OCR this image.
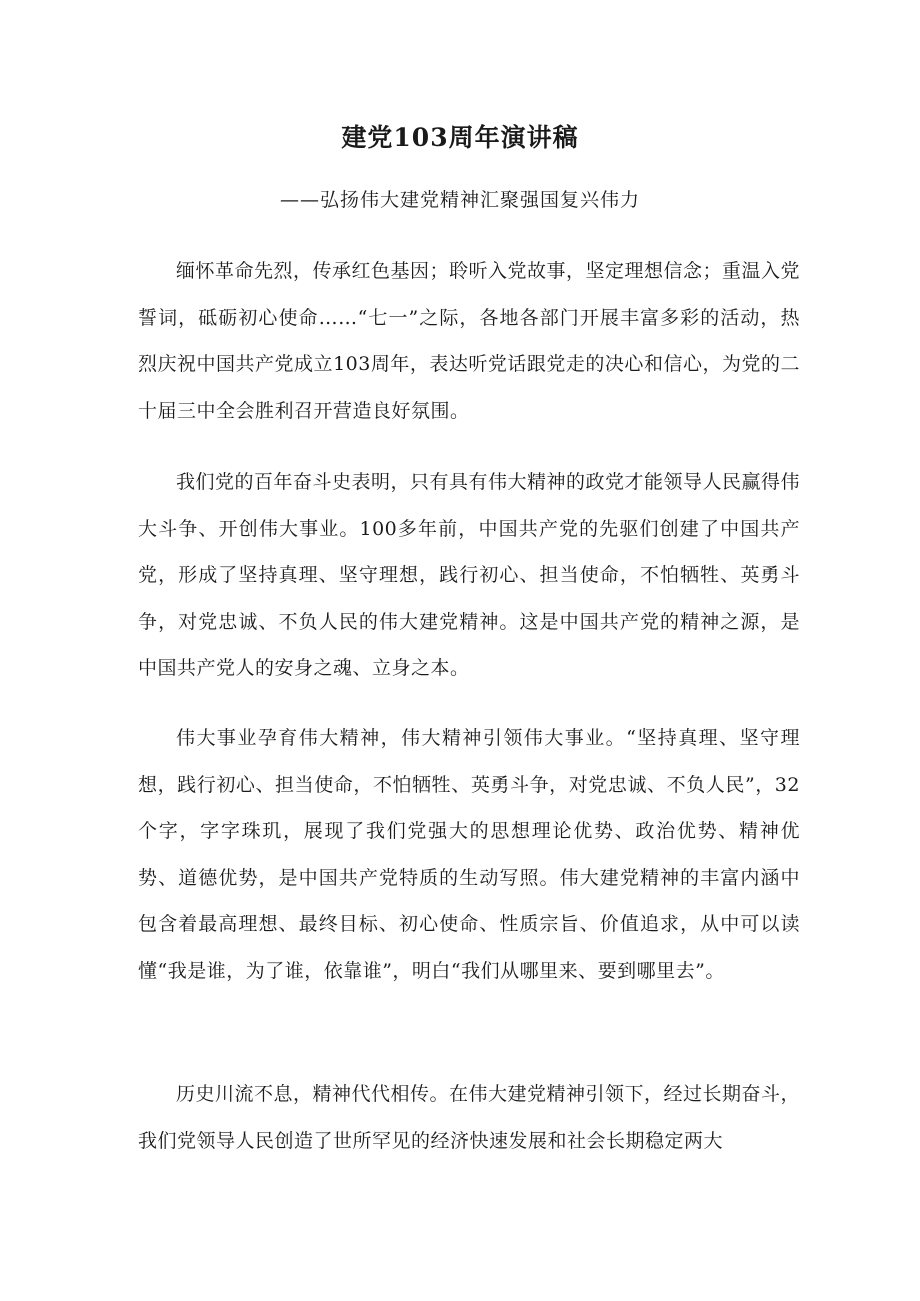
建党103周年演讲稿

——弘扬伟大建党精神汇聚强国复兴伟力

缅怀革命先烈，传承红色基因；聆听入党故事，坚定理想信念；重温入党誓词，砥砺初心使命……“七一”之际，各地各部门开展丰富多彩的活动，热烈庆祝中国共产党成立103周年，表达听党话跟党走的决心和信心，为党的二十届三中全会胜利召开营造良好氛围。

我们党的百年奋斗史表明，只有具有伟大精神的政党才能领导人民赢得伟大斗争、开创伟大事业。100多年前，中国共产党的先驱们创建了中国共产党，形成了坚持真理、坚守理想，践行初心、担当使命，不怕牺牲、英勇斗争，对党忠诚、不负人民的伟大建党精神。这是中国共产党的精神之源，是中国共产党人的安身之魂、立身之本。

伟大事业孕育伟大精神，伟大精神引领伟大事业。“坚持真理、坚守理想，践行初心、担当使命，不怕牺牲、英勇斗争，对党忠诚、不负人民”，32个字，字字珠玑，展现了我们党强大的思想理论优势、政治优势、精神优势、道德优势，是中国共产党特质的生动写照。伟大建党精神的丰富内涵中包含着最高理想、最终目标、初心使命、性质宗旨、价值追求，从中可以读懂“我是谁，为了谁，依靠谁”，明白“我们从哪里来、要到哪里去”。

历史川流不息，精神代代相传。在伟大建党精神引领下，经过长期奋斗，我们党领导人民创造了世所罕见的经济快速发展和社会长期稳定两大
